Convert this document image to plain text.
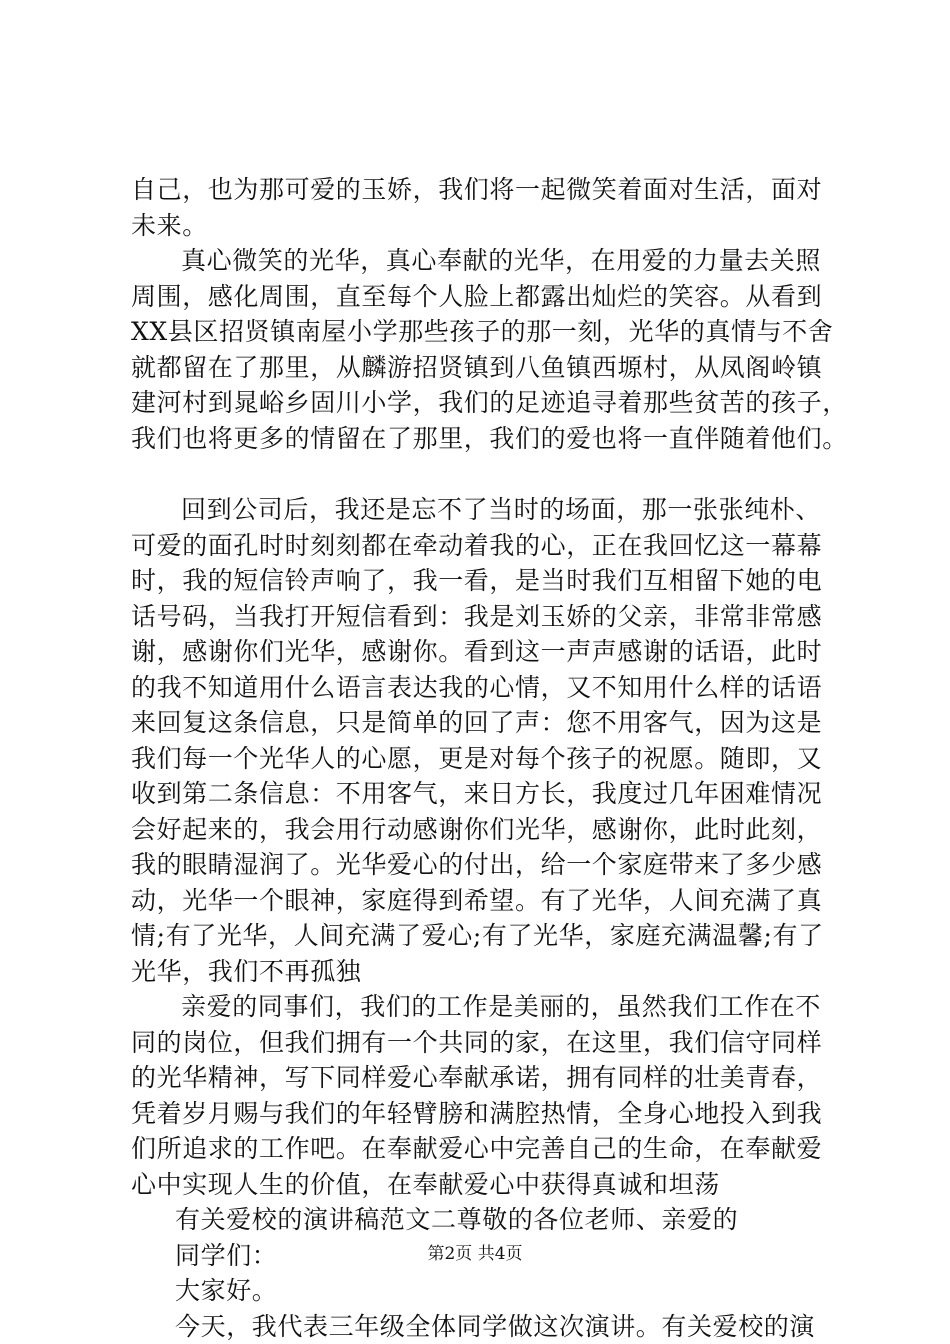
自己，也为那可爱的玉娇，我们将一起微笑着面对生活，面对
未来。
真心微笑的光华，真心奉献的光华，在用爱的力量去关照
周围，感化周围，直至每个人脸上都露出灿烂的笑容。从看到
XX县区招贤镇南屋小学那些孩子的那一刻，光华的真情与不舍
就都留在了那里，从麟游招贤镇到八鱼镇西塬村，从凤阁岭镇
建河村到晁峪乡固川小学，我们的足迹追寻着那些贫苦的孩子，
我们也将更多的情留在了那里，我们的爱也将一直伴随着他们。
回到公司后，我还是忘不了当时的场面，那一张张纯朴、
可爱的面孔时时刻刻都在牵动着我的心，正在我回忆这一幕幕
时，我的短信铃声响了，我一看，是当时我们互相留下她的电
话号码，当我打开短信看到：我是刘玉娇的父亲，非常非常感
谢，感谢你们光华，感谢你。看到这一声声感谢的话语，此时
的我不知道用什么语言表达我的心情，又不知用什么样的话语
来回复这条信息，只是简单的回了声：您不用客气，因为这是
我们每一个光华人的心愿，更是对每个孩子的祝愿。随即，又
收到第二条信息：不用客气，来日方长，我度过几年困难情况
会好起来的，我会用行动感谢你们光华，感谢你，此时此刻，
我的眼睛湿润了。光华爱心的付出，给一个家庭带来了多少感
动，光华一个眼神，家庭得到希望。有了光华，人间充满了真
情;有了光华，人间充满了爱心;有了光华，家庭充满温馨;有了
光华，我们不再孤独
亲爱的同事们，我们的工作是美丽的，虽然我们工作在不
同的岗位，但我们拥有一个共同的家，在这里，我们信守同样
的光华精神，写下同样爱心奉献承诺，拥有同样的壮美青春，
凭着岁月赐与我们的年轻臂膀和满腔热情，全身心地投入到我
们所追求的工作吧。在奉献爱心中完善自己的生命，在奉献爱
心中实现人生的价值，在奉献爱心中获得真诚和坦荡
有关爱校的演讲稿范文二尊敬的各位老师、亲爱的
同学们：
大家好。
今天，我代表三年级全体同学做这次演讲。有关爱校的演
第2页 共4页
